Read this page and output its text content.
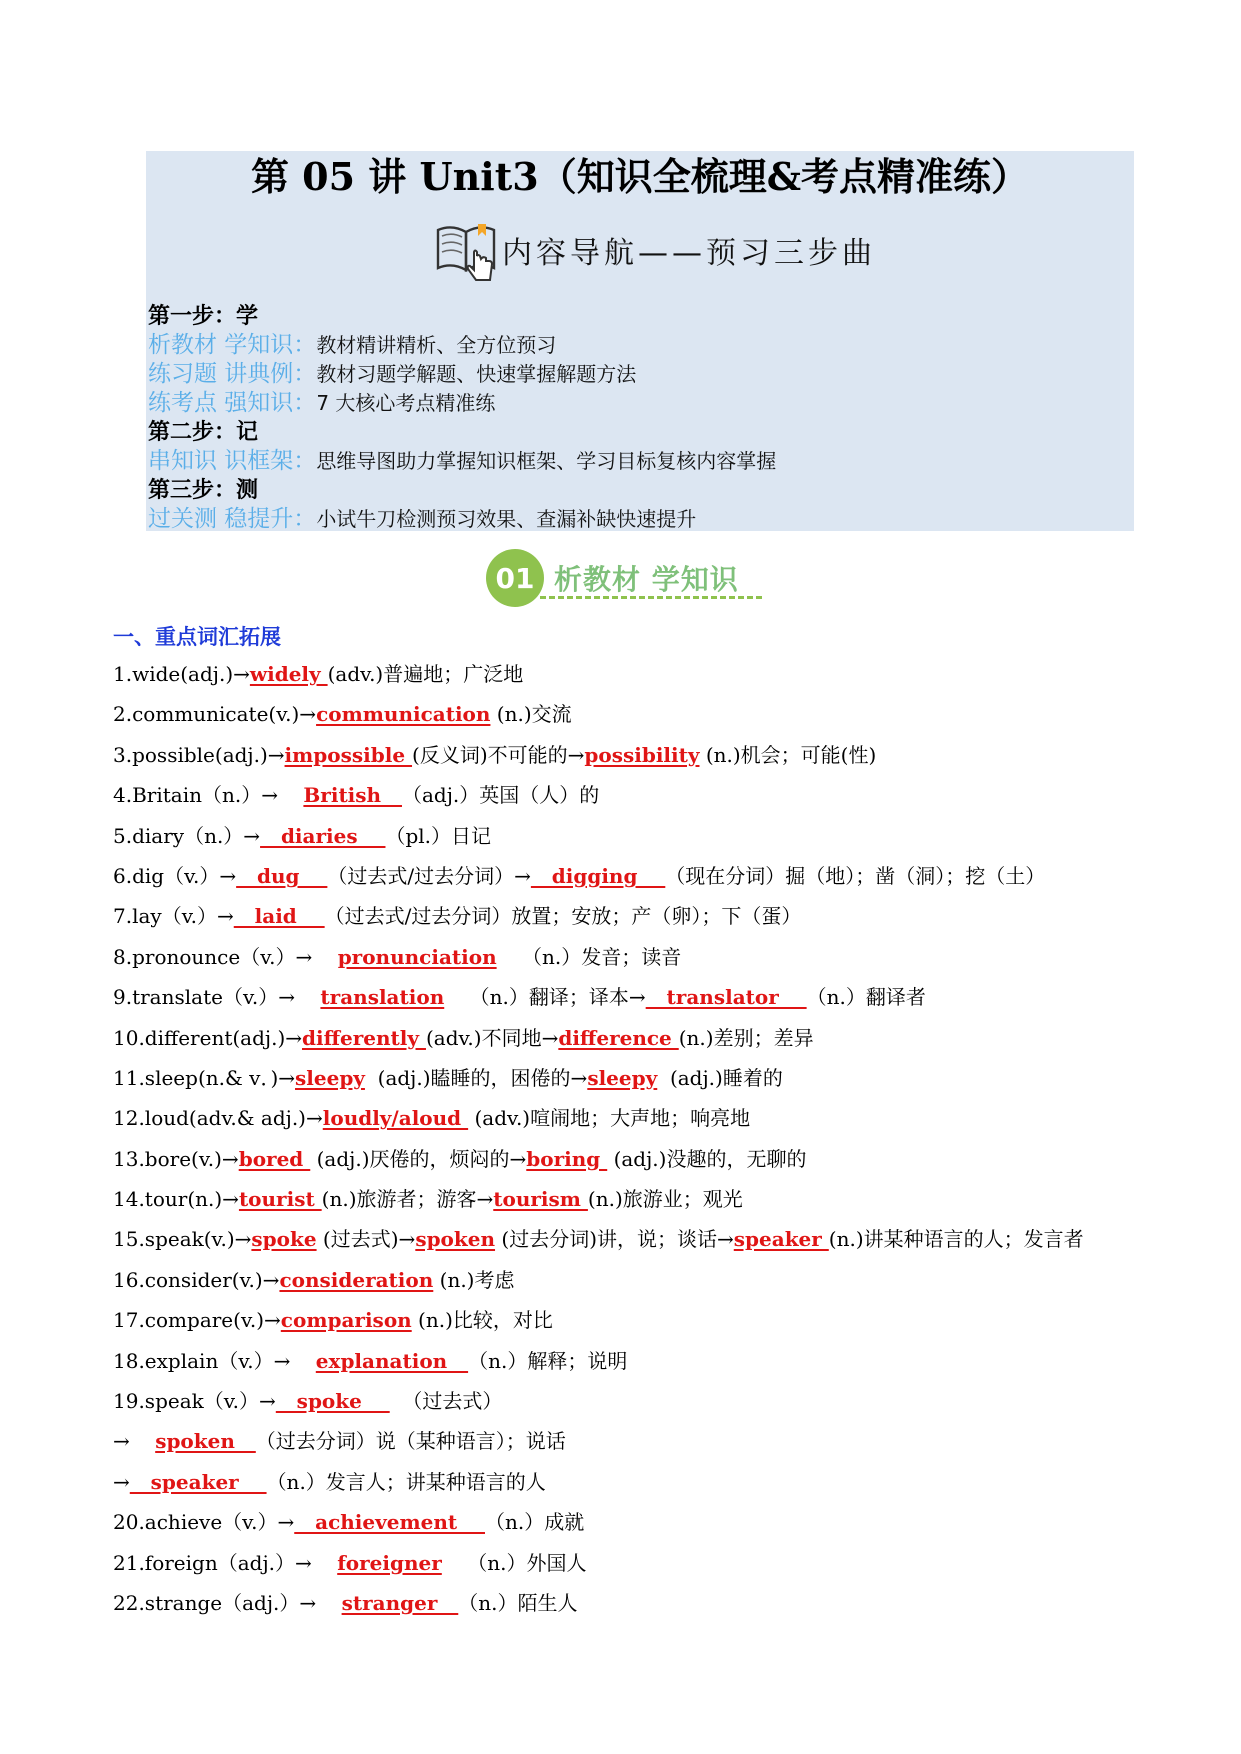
第 05 讲 Unit3（知识全梳理&考点精准练）
内容导航——预习三步曲
第一步：学
析教材 学知识：教材精讲精析、全方位预习
练习题 讲典例：教材习题学解题、快速掌握解题方法
练考点 强知识：7 大核心考点精准练
第二步：记
串知识 识框架：思维导图助力掌握知识框架、学习目标复核内容掌握
第三步：测
过关测 稳提升：小试牛刀检测预习效果、查漏补缺快速提升
01 析教材 学知识
一、重点词汇拓展
1.wide(adj.)→widely (adv.)普遍地；广泛地
2.communicate(v.)→communication (n.)交流
3.possible(adj.)→impossible (反义词)不可能的→possibility (n.)机会；可能(性)
4.Britain（n.）→    British   （adj.）英国（人）的
5.diary（n.）→   diaries    （pl.）日记
6.dig（v.）→   dug    （过去式/过去分词）→   digging    （现在分词）掘（地）；凿（洞）；挖（土）
7.lay（v.）→   laid    （过去式/过去分词）放置；安放；产（卵）；下（蛋）
8.pronounce（v.）→    pronunciation    （n.）发音；读音
9.translate（v.）→    translation    （n.）翻译；译本→   translator    （n.）翻译者
10.different(adj.)→differently (adv.)不同地→difference (n.)差别；差异
11.sleep(n.& v．)→sleepy  (adj.)瞌睡的，困倦的→sleepy  (adj.)睡着的
12.loud(adv.& adj.)→loudly/aloud  (adv.)喧闹地；大声地；响亮地
13.bore(v.)→bored  (adj.)厌倦的，烦闷的→boring  (adj.)没趣的，无聊的
14.tour(n.)→tourist (n.)旅游者；游客→tourism (n.)旅游业；观光
15.speak(v.)→spoke (过去式)→spoken (过去分词)讲，说；谈话→speaker (n.)讲某种语言的人；发言者
16.consider(v.)→consideration (n.)考虑
17.compare(v.)→comparison (n.)比较，对比
18.explain（v.）→    explanation   （n.）解释；说明
19.speak（v.）→   spoke      （过去式）
→    spoken   （过去分词）说（某种语言）；说话
→   speaker    （n.）发言人；讲某种语言的人
20.achieve（v.）→   achievement    （n.）成就
21.foreign（adj.）→    foreigner    （n.）外国人
22.strange（adj.）→    stranger   （n.）陌生人
